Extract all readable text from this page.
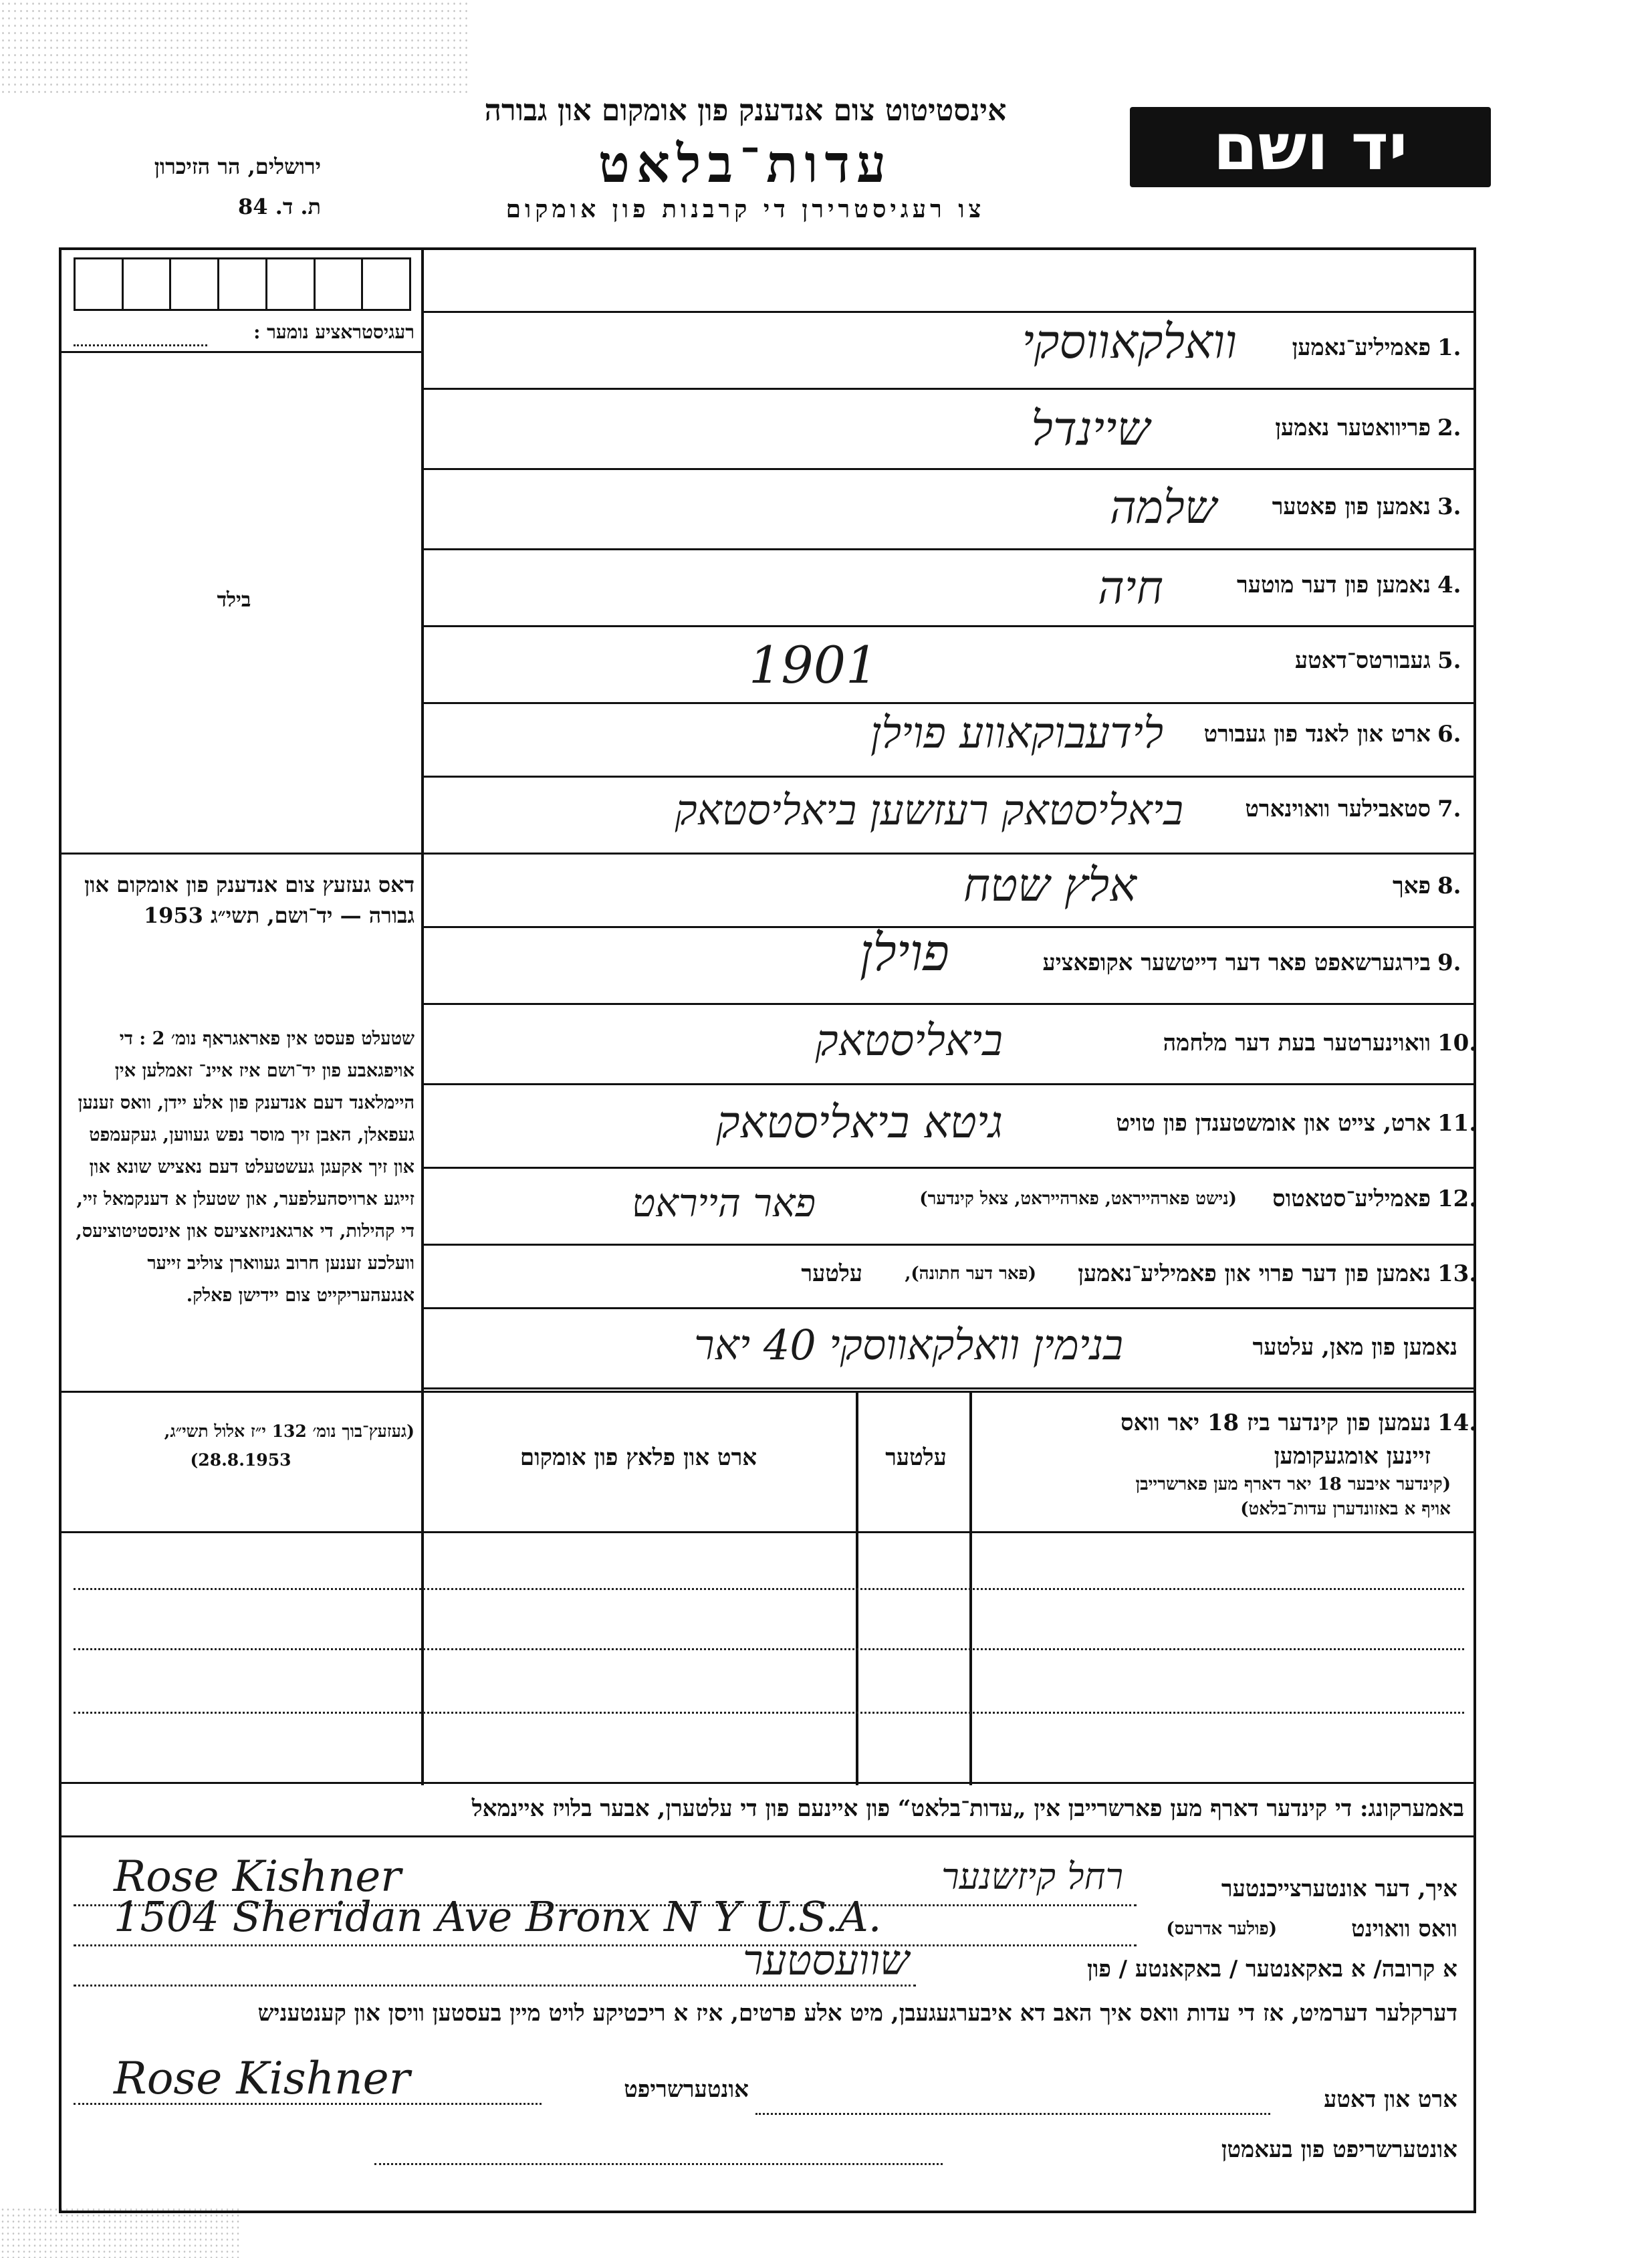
יד ושם
אינסטיטוט צום אנדענק פון אומקום און גבורה
עדות־בלאט
צו רעגיסטרירן די קרבנות פון אומקום
ירושלים, הר הזיכרון
ת. ד. 84
רעגיסטראציע נומער :
בילד
דאס געזעץ צום אנדענק פון אומקום און גבורה — יד־ושם, תשי״ג 1953
שטעלט פעסט אין פאראגראף נומ׳ 2 : די אויפגאבע פון יד־ושם איז איינ־ זאמלען אין היימלאנד דעם אנדענק פון אלע יידן, וואס זענען געפאלן, האבן זיך מוסר נפש געווען, געקעמפט און זיך אקעגן געשטעלט דעם נאציש שונא און זייגע ארויסהעלפער, און שטעלן א דענקמאל זיי, די קהילות, די ארגאניזאציעס און אינסטיטוציעס, וועלכע זענען חרוב געווארן צוליב זייער אנגעהעריקייט צום יידישן פאלק.
(געזעץ־בוך נומ׳ 132 י״ז אלול תשי״ג,
(28.8.1953
1.
פאמיליע־נאמען
וואלקאווסקי
2.
פריוואטער נאמען
שיינדל
3.
נאמען פון פאטער
שלמה
4.
נאמען פון דער מוטער
חיה
5.
געבורטס־דאטע
1901
6.
ארט און לאנד פון געבורט
לידעבוקאווע פוילן
7.
סטאבילער וואוינארט
ביאליסטאק רעזשען ביאליסטאק
8.
פאך
אלץ שטח
9.
בירגערשאפט פאר דער דייטשער אקופאציע
פוילן
10.
וואוינערטער בעת דער מלחמה
ביאליסטאק
11.
ארט, צייט און אומשטענדן פון טויט
גיטא ביאליסטאק
12.
פאמיליע־סטאטוס
(נישט פארהייראט, פארהייראט, צאל קינדער)
פאר הייראט
13.
נאמען פון דער פרוי און פאמיליע־נאמען
(פאר דער חתונה),
עלטער
נאמען פון מאן, עלטער
בנימין וואלקאווסקי 40 יאר
14.
נעמען פון קינדער ביז 18 יאר וואס
זיינען אומגעקומען
(קינדער איבער 18 יאר דארף מען פארשרייבן
אויף א באזונדערן עדות־בלאט)
עלטער
ארט און פלאץ פון אומקום
באמערקונג: די קינדער דארף מען פארשרייבן אין „עדות־בלאט“ פון איינעם פון די עלטערן, אבער בלויז איינמאל
איך, דער אונטערצייכנטער
Rose Kishner	רחל קיזשנער
וואס וואוינט
(פולער אדרעס)
1504 Sheridan Ave Bronx N Y U.S.A.
א קרובה/ א באקאנטער / באקאנטע / פון
שוועסטער
דערקלער דערמיט, אז די עדות וואס איך האב דא איבערגעגעבן, מיט אלע פרטים, איז א ריכטיקע לויט מיין בעסטען וויסן און קענטעניש
ארט און דאטע
אונטערשריפט
Rose Kishner
אונטערשריפט פון בעאמטן
